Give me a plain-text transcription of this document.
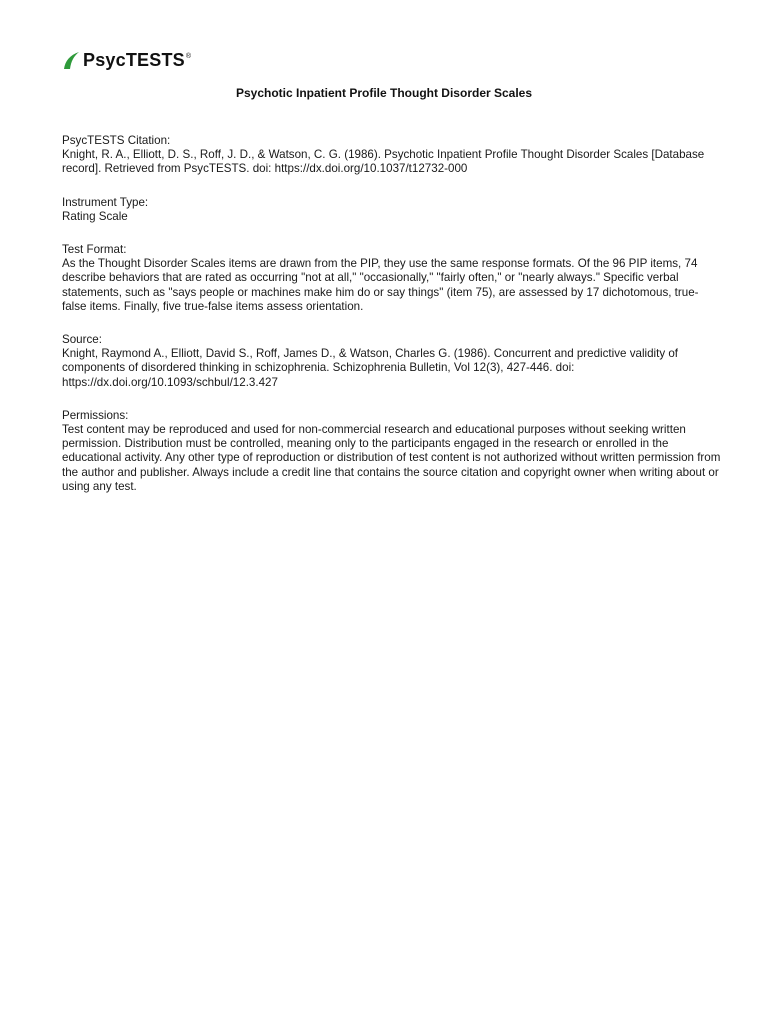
PsycTESTS ®
Psychotic Inpatient Profile Thought Disorder Scales
PsycTESTS Citation:
Knight, R. A., Elliott, D. S., Roff, J. D., & Watson, C. G. (1986). Psychotic Inpatient Profile Thought Disorder Scales [Database record]. Retrieved from PsycTESTS. doi: https://dx.doi.org/10.1037/t12732-000
Instrument Type:
Rating Scale
Test Format:
As the Thought Disorder Scales items are drawn from the PIP, they use the same response formats. Of the 96 PIP items, 74 describe behaviors that are rated as occurring "not at all," "occasionally," "fairly often," or "nearly always." Specific verbal statements, such as "says people or machines make him do or say things" (item 75), are assessed by 17 dichotomous, true-false items. Finally, five true-false items assess orientation.
Source:
Knight, Raymond A., Elliott, David S., Roff, James D., & Watson, Charles G. (1986). Concurrent and predictive validity of components of disordered thinking in schizophrenia. Schizophrenia Bulletin, Vol 12(3), 427-446. doi: https://dx.doi.org/10.1093/schbul/12.3.427
Permissions:
Test content may be reproduced and used for non-commercial research and educational purposes without seeking written permission. Distribution must be controlled, meaning only to the participants engaged in the research or enrolled in the educational activity. Any other type of reproduction or distribution of test content is not authorized without written permission from the author and publisher. Always include a credit line that contains the source citation and copyright owner when writing about or using any test.
